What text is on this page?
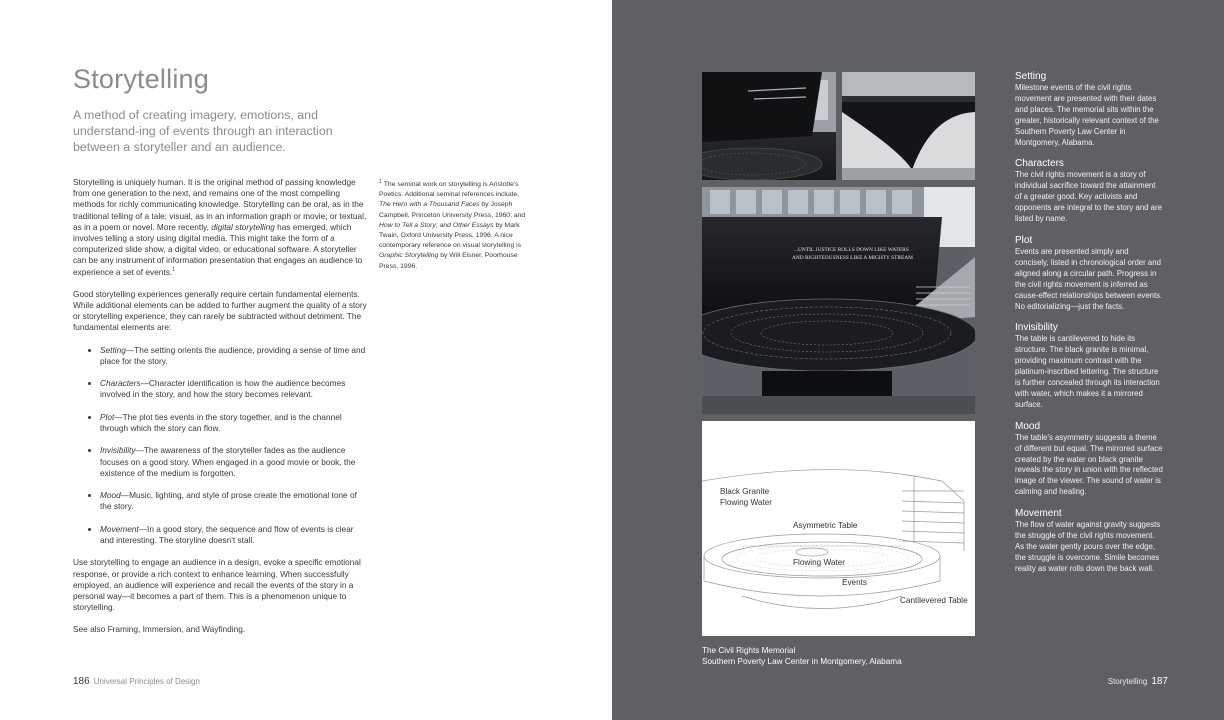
Storytelling

A method of creating imagery, emotions, and understand-ing of events through an interaction between a storyteller and an audience.

Storytelling is uniquely human. It is the original method of passing knowledge from one generation to the next, and remains one of the most compelling methods for richly communicating knowledge. Storytelling can be oral, as in the traditional telling of a tale; visual, as in an information graph or movie; or textual, as in a poem or novel. More recently, digital storytelling has emerged, which involves telling a story using digital media. This might take the form of a computerized slide show, a digital video, or educational software. A storyteller can be any instrument of information presentation that engages an audience to experience a set of events.$^1$

Good storytelling experiences generally require certain fundamental elements. While additional elements can be added to further augment the quality of a story or storytelling experience, they can rarely be subtracted without detriment. The fundamental elements are:

• Setting—The setting orients the audience, providing a sense of time and place for the story.
• Characters—Character identification is how the audience becomes involved in the story, and how the story becomes relevant.
• Plot—The plot ties events in the story together, and is the channel through which the story can flow.
• Invisibility—The awareness of the storyteller fades as the audience focuses on a good story. When engaged in a good movie or book, the existence of the medium is forgotten.
• Mood—Music, lighting, and style of prose create the emotional tone of the story.
• Movement—In a good story, the sequence and flow of events is clear and interesting. The storyline doesn't stall.

Use storytelling to engage an audience in a design, evoke a specific emotional response, or provide a rich context to enhance learning. When successfully employed, an audience will experience and recall the events of the story in a personal way—it becomes a part of them. This is a phenomenon unique to storytelling.

See also Framing, Immersion, and Wayfinding.

$^1$ The seminal work on storytelling is Aristotle's Poetics. Additional seminal references include, The Hero with a Thousand Faces by Joseph Campbell, Princeton University Press, 1960; and How to Tell a Story; and Other Essays by Mark Twain, Oxford University Press, 1996. A nice contemporary reference on visual storytelling is Graphic Storytelling by Will Eisner, Poorhouse Press, 1996.
186 Universal Principles of Design
...UNTIL JUSTICE ROLLS DOWN LIKE WATERS
AND RIGHTEOUSNESS LIKE A MIGHTY STREAM
Black Granite
Flowing Water
Asymmetric Table
Flowing Water
Events
Cantilevered Table
The Civil Rights Memorial
Southern Poverty Law Center in Montgomery, Alabama

Setting

Milestone events of the civil rights movement are presented with their dates and places. The memorial sits within the greater, historically relevant context of the Southern Poverty Law Center in Montgomery, Alabama.

Characters

The civil rights movement is a story of individual sacrifice toward the attainment of a greater good. Key activists and opponents are integral to the story and are listed by name.

Plot

Events are presented simply and concisely, listed in chronological order and aligned along a circular path. Progress in the civil rights movement is inferred as cause-effect relationships between events. No editorializing—just the facts.

Invisibility

The table is cantilevered to hide its structure. The black granite is minimal, providing maximum contrast with the platinum-inscribed lettering. The structure is further concealed through its interaction with water, which makes it a mirrored surface.

Mood

The table's asymmetry suggests a theme of different but equal. The mirrored surface created by the water on black granite reveals the story in union with the reflected image of the viewer. The sound of water is calming and healing.

Movement

The flow of water against gravity suggests the struggle of the civil rights movement. As the water gently pours over the edge, the struggle is overcome. Simile becomes reality as water rolls down the back wall.

Storytelling 187
